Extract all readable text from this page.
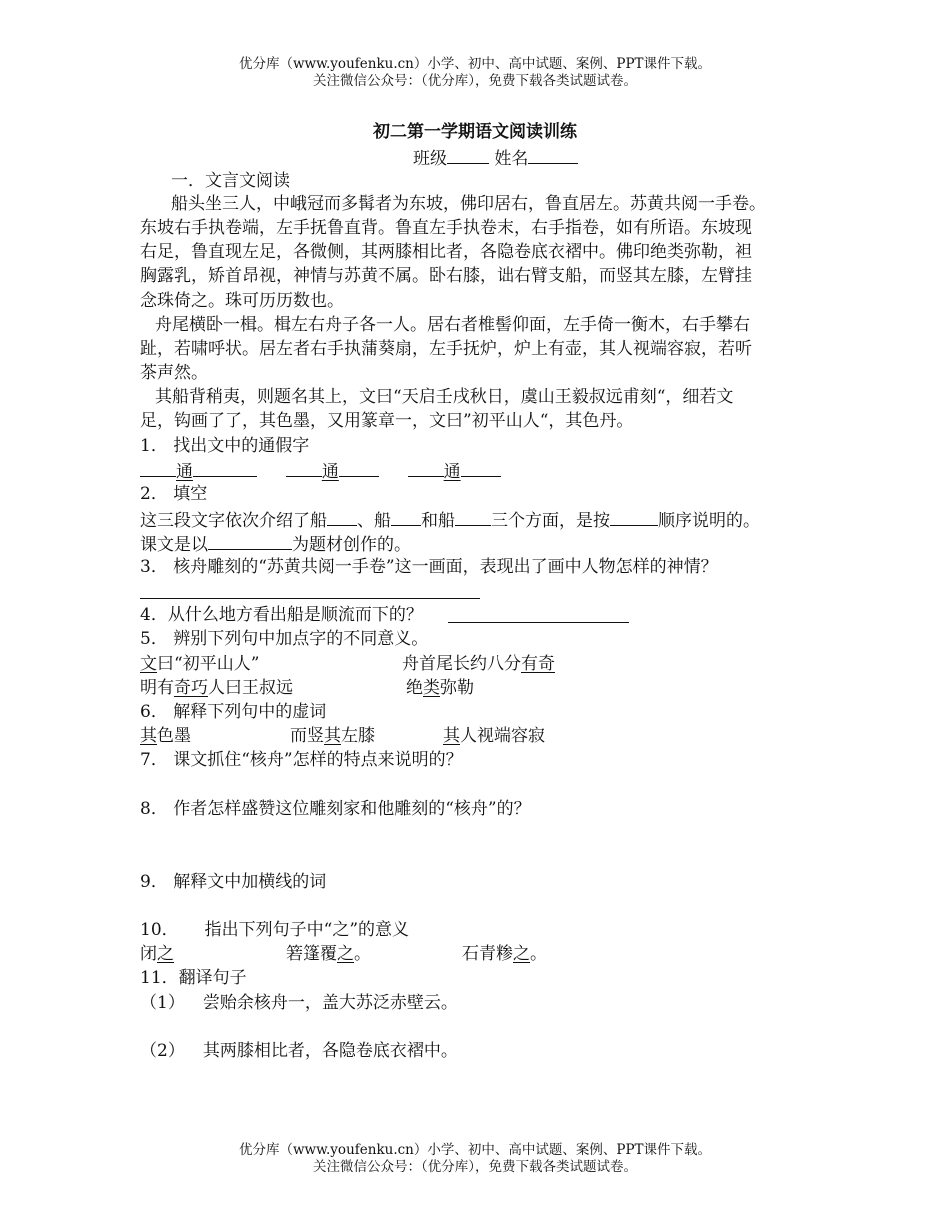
优分库（www.youfenku.cn）小学、初中、高中试题、案例、PPT课件下载。
关注微信公众号：（优分库），免费下载各类试题试卷。
初二第一学期语文阅读训练
班级	姓名
一．文言文阅读
船头坐三人，中峨冠而多髯者为东坡，佛印居右，鲁直居左。苏黄共阅一手卷。
东坡右手执卷端，左手抚鲁直背。鲁直左手执卷末，右手指卷，如有所语。东坡现
右足，鲁直现左足，各微侧，其两膝相比者，各隐卷底衣褶中。佛印绝类弥勒，袒
胸露乳，矫首昂视，神情与苏黄不属。卧右膝，诎右臂支船，而竖其左膝，左臂挂
念珠倚之。珠可历历数也。
舟尾横卧一楫。楫左右舟子各一人。居右者椎髻仰面，左手倚一衡木，右手攀右
趾，若啸呼状。居左者右手执蒲葵扇，左手抚炉，炉上有壶，其人视端容寂，若听
茶声然。
其船背稍夷，则题名其上，文曰“天启壬戌秋日，虞山王毅叔远甫刻“，细若文
足，钩画了了，其色墨，又用篆章一，文曰”初平山人“，其色丹。
1． 找出文中的通假字
通	通	通
2． 填空
这三段文字依次介绍了船 、船 和船 三个方面，是按	顺序说明的。
课文是以	为题材创作的。
3． 核舟雕刻的“苏黄共阅一手卷”这一画面，表现出了画中人物怎样的神情？
4．从什么地方看出船是顺流而下的？
5． 辨别下列句中加点字的不同意义。
文曰“初平山人”	舟首尾长约八分有奇
明有奇巧人曰王叔远	绝类弥勒
6． 解释下列句中的虚词
其色墨	而竖其左膝	其人视端容寂
7． 课文抓住“核舟”怎样的特点来说明的？
8． 作者怎样盛赞这位雕刻家和他雕刻的“核舟”的？
9． 解释文中加横线的词
10． 指出下列句子中“之”的意义
闭之	箬篷覆之。	石青糁之。
11．翻译句子
（1） 尝贻余核舟一，盖大苏泛赤壁云。
（2） 其两膝相比者，各隐卷底衣褶中。
优分库（www.youfenku.cn）小学、初中、高中试题、案例、PPT课件下载。
关注微信公众号：（优分库），免费下载各类试题试卷。
